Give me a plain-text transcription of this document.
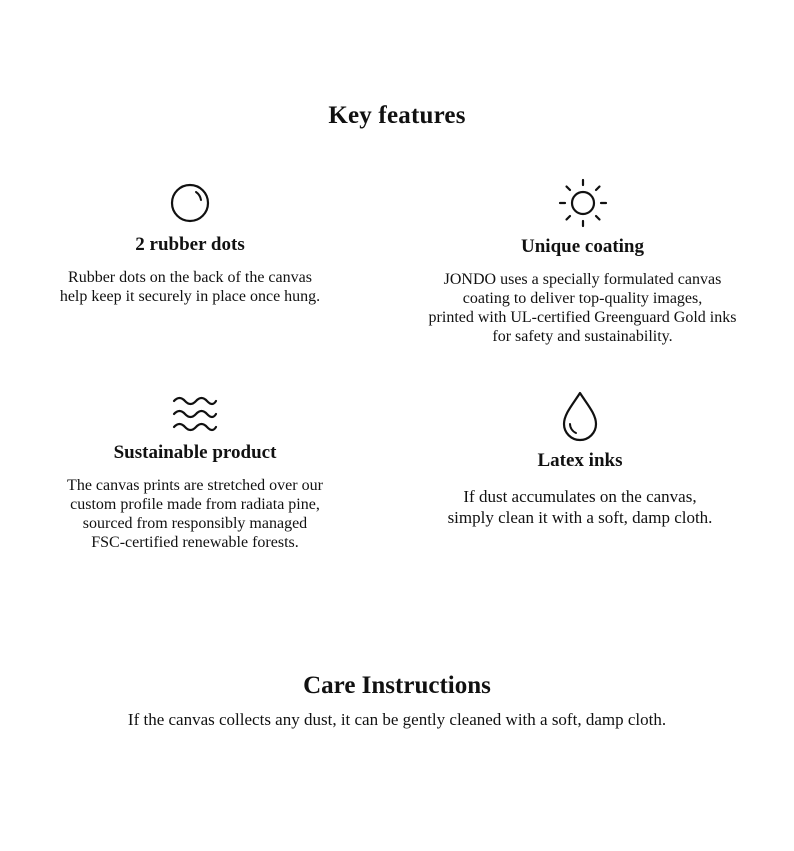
Key features
2 rubber dots
Rubber dots on the back of the canvas
help keep it securely in place once hung.
Unique coating
JONDO uses a specially formulated canvas
coating to deliver top-quality images,
printed with UL-certified Greenguard Gold inks
for safety and sustainability.
Sustainable product
The canvas prints are stretched over our
custom profile made from radiata pine,
sourced from responsibly managed
FSC-certified renewable forests.
Latex inks
If dust accumulates on the canvas,
simply clean it with a soft, damp cloth.
Care Instructions
If the canvas collects any dust, it can be gently cleaned with a soft, damp cloth.
